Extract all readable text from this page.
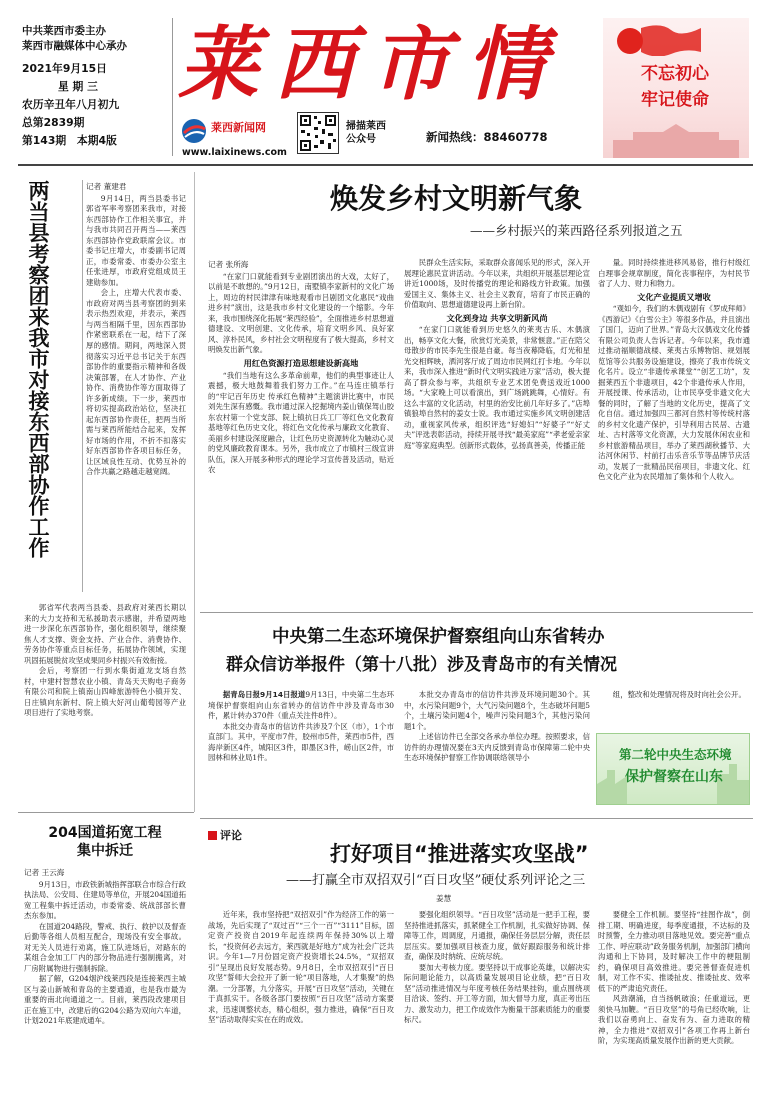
中共莱西市委主办
莱西市融媒体中心承办
2021年9月15日
星 期 三
农历辛丑年八月初九
总第2839期
第143期　本期4版
莱西市情
莱西新闻网
www.laixinews.com
掃描莱西
公众号	新闻热线：88460778
不忘初心
牢记使命
两当县考察团来我市对接东西部协作工作	记者 董建君

9月14日，两当县委书记郭省军率考察团来我市，对接东西部协作工作相关事宜，并与我市共同召开两当——莱西东西部协作党政联席会议。市委书记庄增大，市委副书记周正，市委常委、市委办公室主任张进厚，市政府党组成员王建勋参加。

会上，庄增大代表市委、市政府对两当县考察团的到来表示热烈欢迎，并表示，莱西与两当相隔千里，因东西部协作紧密联系在一起，结下了深厚的感情。期间，两地深入贯彻落实习近平总书记关于东西部协作的重要指示精神和各级决策部署，在人才协作、产业协作、消费协作等方面取得了许多新成绩。下一步，莱西市将切实提高政治站位，坚决扛起东西部协作责任，把两当所需与莱西所能结合起来，发挥好市场的作用，不折不扣落实好东西部协作各项目标任务，让区域良性互动、优势互补的合作共赢之路越走越宽阔。

郭省军代表两当县委、县政府对莱西长期以来的大力支持和无私援助表示感谢，并希望两地进一步深化东西部协作，强化组织领导，继续聚焦人才支撑、资金支持、产业合作、消费协作、劳务协作等重点目标任务，拓展协作领域，实现巩固拓展脱贫攻坚成果同乡村振兴有效衔接。

会后，考察团一行到水集街道龙支场自然村，中建村智慧农业小镇、青岛天天购电子商务有限公司和院上镇南山四峰旅游特色小镇开发、日庄镇向东新村、院上镇大好河山葡萄园等产业项目进行了实地考察。

焕发乡村文明新气象
——乡村振兴的莱西路径系列报道之五
记者 张所海

“在家门口就能看到专业剧团演出的大戏，太好了，以前是不敢想的。”9月12日，南墅镇李家新村的文化广场上，周边的村民津津有味地观看市吕剧团文化惠民“戏曲进乡村”演出，这是我市乡村文化建设的一个缩影。今年来，我市围绕深化拓展“莱西经验”，全面推进乡村思想道德建设、文明创建、文化传承，培育文明乡风、良好家风、淳朴民风，乡村社会文明程度有了极大提高，乡村文明焕发出新气象。

用红色资源打造思想建设新高地

“我们当地有这么多革命前辈，他们的典型事迹让人震撼，极大地鼓舞着我们努力工作。”在马连庄镇举行的“牢记百年历史 传承红色精神”主题演讲比赛中，市民刘先生深有感慨。我市通过深入挖掘境内姜山镇保驾山胶东农村第一个党支部、院上镇抗日兵工厂等红色文化教育基地等红色历史文化，将红色文化传承与廉政文化教育、美丽乡村建设深度融合，让红色历史资源转化为触动心灵的党风廉政教育课本。另外，我市成立了市镇村三级宣讲队伍，深入开展多种形式的理论学习宣传普及活动，贴近农

民群众生活实际，采取群众喜闻乐见的形式，深入开展理论惠民宣讲活动。今年以来，共组织开展基层理论宣讲近1000场，及时传播党的理论和路线方针政策。加强爱国主义、集体主义、社会主义教育，培育了市民正确的价值取向、思想道德建设再上新台阶。

文化到身边 共享文明新风尚

“在家门口就能看到历史悠久的莱夷古乐、木偶演出，畅享文化大餐，欣赏灯光美景，非常惬意。”正在陪父母散步的市民李先生很是自豪。每当夜幕降临，灯光和星光交相辉映，洒河客厅成了周边市民网红打卡地。今年以来，我市深入推进“新时代文明实践进万家”活动，极大提高了群众参与率，共组织专业艺术团免费送戏近1000场。“大家晚上可以看演出，到广场跳跳舞，心情好。有这么丰富的文化活动，村里的治安比前几年好多了。”店埠镇狼埠自然村的姜女士说。我市通过实施乡风文明创建活动，重视家风传承，组织评选“好媳妇”“好婆子”“好丈夫”评选表彰活动，持续开展寻找“最美家庭”“孝老爱亲家庭”等家庭典型。创新形式载体，弘扬真善美，传播正能

量。同时持续推进移风易俗，推行村级红白理事会规章制度，简化丧事程序，为村民节省了人力、财力和物力。

文化产业提质又增收

“观如今，我们的木偶戏剧有《罗成拜师》《西游记》《白雪公主》等很多作品，并且演出了国门，迈向了世界。”青岛大汉偶戏文化传播有限公司负责人告诉记者。今年以来，我市通过推动福顺德战楼、莱夷古乐博物馆、规划展览馆等公共服务设施建设，擦亮了我市传统文化名片。设立“非遗传承课堂”“创艺工坊”，发掘莱西五个非遗项目，42个非遗传承人作用，开展授课、传承活动，让市民享受非遗文化大餐的同时，了解了当地的文化历史，提高了文化自信。通过加强四三都河自然村等传统村落的乡村文化遗产保护，引导利用古民居、古遗址、古村落等文化资源，大力发展休闲农业和乡村旅游精品项目，举办了莱西湖秋播节、大沽河休闲节、村前打击乐音乐节等品牌节庆活动，发展了一批精品民宿项目，非遗文化、红色文化产业为农民增加了集体和个人收入。

中央第二生态环境保护督察组向山东省转办
群众信访举报件（第十八批）涉及青岛市的有关情况

据青岛日报9月14日报道9月13日，中央第二生态环境保护督察组向山东省转办的信访件中涉及青岛市30件，累计转办370件（重点关注件8件）。

本批交办青岛市的信访件共涉及7个区（市），1个市直部门。其中，平度市7件，胶州市5件，莱西市5件，西海岸新区4件，城阳区3件，即墨区3件，崂山区2件，市园林和林业局1件。

本批交办青岛市的信访件共涉及环境问题30个。其中，水污染问题9个，大气污染问题8个，生态破坏问题5个，土壤污染问题4个，噪声污染问题3个，其他污染问题1个。

上述信访件已全部交各承办单位办理。按照要求，信访件的办理情况要在3天内反馈到青岛市保障第二轮中央生态环境保护督察工作协调联络领导小

组，整改和处理情况将及时向社会公开。

第二轮中央生态环境
保护督察在山东
204国道拓宽工程
集中拆迁
记者 王云海

9月13日，市政铁新城指挥部联合市综合行政执法局、公安局、住建局等单位，开展204国道拓宽工程集中拆迁活动，市委常委、统战部部长曹杰东参加。

在国道204路段，警戒、执行、救护以及督查后勤等各组人员相互配合，现场没有安全事故。对无关人员进行劝离，施工队进场后，对路东的某组合金加工厂内的部分物品进行强制搬离，对厂房附属物进行强制拆除。

据了解，G204烟沪线莱西段是连接莱西主城区与姜山新城和青岛的主要通道，也是我市最为重要的南北向通道之一。目前，莱西段改建项目正在施工中，改建后的G204公路为双向六车道，计划2021年底建成通车。

评论
打好项目“推进落实攻坚战”
——打赢全市双招双引“百日攻坚”硬仗系列评论之三
姜慧

近年来，我市坚持把“双招双引”作为经济工作的第一战场，先后实现了“双过百”“三个一百”“3111”目标，固定资产投资自2019年起连续两年保持30%以上增长，“投资何必去远方，莱西就是好地方”成为社会广泛共识。今年1—7月份固定资产投资增长24.5%，“双招双引”呈现出良好发展态势。9月8日，全市双招双引“百日攻坚”誓师大会拉开了新一轮“项目落地，人才集聚”的热潮。一分部署，九分落实，开展“百日攻坚”活动，关键在于真抓实干。各级各部门要按照“百日攻坚”活动方案要求，迅速调整状态，精心组织，强力推进，确保“百日攻坚”活动取得实实在在的成效。

要强化组织领导。“百日攻坚”活动是一把手工程，要坚持推进抓落实，抓紧健全工作机制，扎实做好协调、保障等工作，周调度，月通报，确保任务层层分解，责任层层压实。要加强项目核查力度，做好跟踪服务和统计排查，确保及时纳统、应统尽统。

要加大考核力度。要坚持以干成事论英雄，以解决实际问题论能力，以高质量发展项目论业绩，把“百日攻坚”活动推进情况与年度考核任务结果挂钩，重点围绕项目洽谈、签约、开工等方面，加大督导力度，真正考出压力、激发动力，把工作成效作为衡量干部素质能力的重要标尺。

要健全工作机制。要坚持“挂图作战”，倒排工期、明确进度，每季度通报，不达标的及时预警，全力推动项目落地见效。要完善“重点工作、呼应联动”政务服务机制，加强部门横向沟通和上下协同，及时解决工作中的梗阻制约，确保项目高效推进。要完善督查促进机制，对工作不实、推诿扯皮、推诿扯皮、效率低下的严肃追究责任。

风劲潮涌，自当扬帆破浪；任重道远，更须快马加鞭。“百日攻坚”的号角已经吹响，让我们以奋勇向上、奋发有为、奋力进取的精神，全力推进“双招双引”各项工作再上新台阶，为实现高质量发展作出新的更大贡献。
